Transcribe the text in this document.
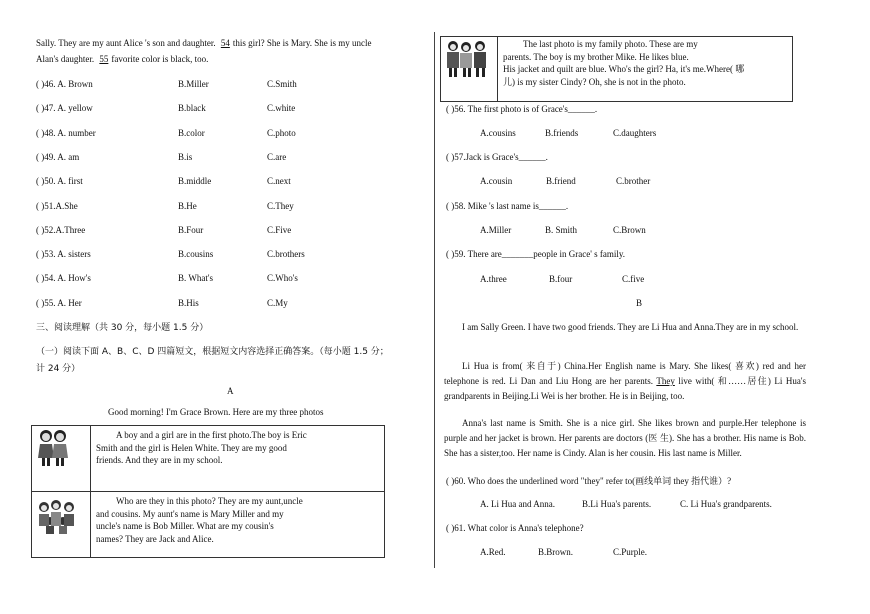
Sally. They are my aunt Alice 's son and daughter. 54 this girl? She is Mary. She is my uncle
Alan's daughter. 55 favorite color is black, too.
( )46. A. Brown	B.Miller	C.Smith
( )47. A. yellow	B.black	C.white
( )48. A. number	B.color	C.photo
( )49. A. am	B.is	C.are
( )50. A. first	B.middle	C.next
( )51.A.She	B.He	C.They
( )52.A.Three	B.Four	C.Five
( )53. A. sisters	B.cousins	C.brothers
( )54. A. How's	B. What's	C.Who's
( )55. A. Her	B.His	C.My
三、阅读理解（共 30 分，每小题 1.5 分）
（一）阅读下面 A、B、C、D 四篇短文，根据短文内容选择正确答案。（每小题 1.5 分；
计 24 分）
A
Good morning! I'm Grace Brown. Here are my three photos
A boy and a girl are in the first photo.The boy is Eric
Smith and the girl is Helen White. They are my good
friends. And they are in my school.
Who are they in this photo? They are my aunt,uncle
and cousins. My aunt's name is Mary Miller and my
uncle's name is Bob Miller. What are my cousin's
names? They are Jack and Alice.
The last photo is my family photo. These are my
parents. The boy is my brother Mike. He likes blue.
His jacket and quilt are blue. Who's the girl? Ha, it's me.Where( 哪
儿) is my sister Cindy? Oh, she is not in the photo.
( )56. The first photo is of Grace's______.
A.cousins	B.friends	C.daughters
( )57.Jack is Grace's______.
A.cousin	B.friend	C.brother
( )58. Mike 's last name is______.
A.Miller	B. Smith	C.Brown
( )59. There are_______people in Grace' s family.
A.three	B.four	C.five
B
I am Sally Green. I have two good friends. They are Li Hua and Anna.They are in my school.
Li Hua is from( 来自于) China.Her English name is Mary. She likes( 喜欢) red and her telephone is red. Li Dan and Liu Hong are her parents. They live with( 和……居住) Li Hua's grandparents in Beijing.Li Wei is her brother. He is in Beijing, too.
Anna's last name is Smith. She is a nice girl. She likes brown and purple.Her telephone is purple and her jacket is brown. Her parents are doctors (医 生). She has a brother. His name is Bob. She has a sister,too. Her name is Cindy. Alan is her cousin. His last name is Miller.
( )60. Who does the underlined word "they" refer to(画线单词 they 指代谁）?
A. Li Hua and Anna.	B.Li Hua's parents.	C. Li Hua's grandparents.
( )61. What color is Anna's telephone?
A.Red.	B.Brown.	C.Purple.
